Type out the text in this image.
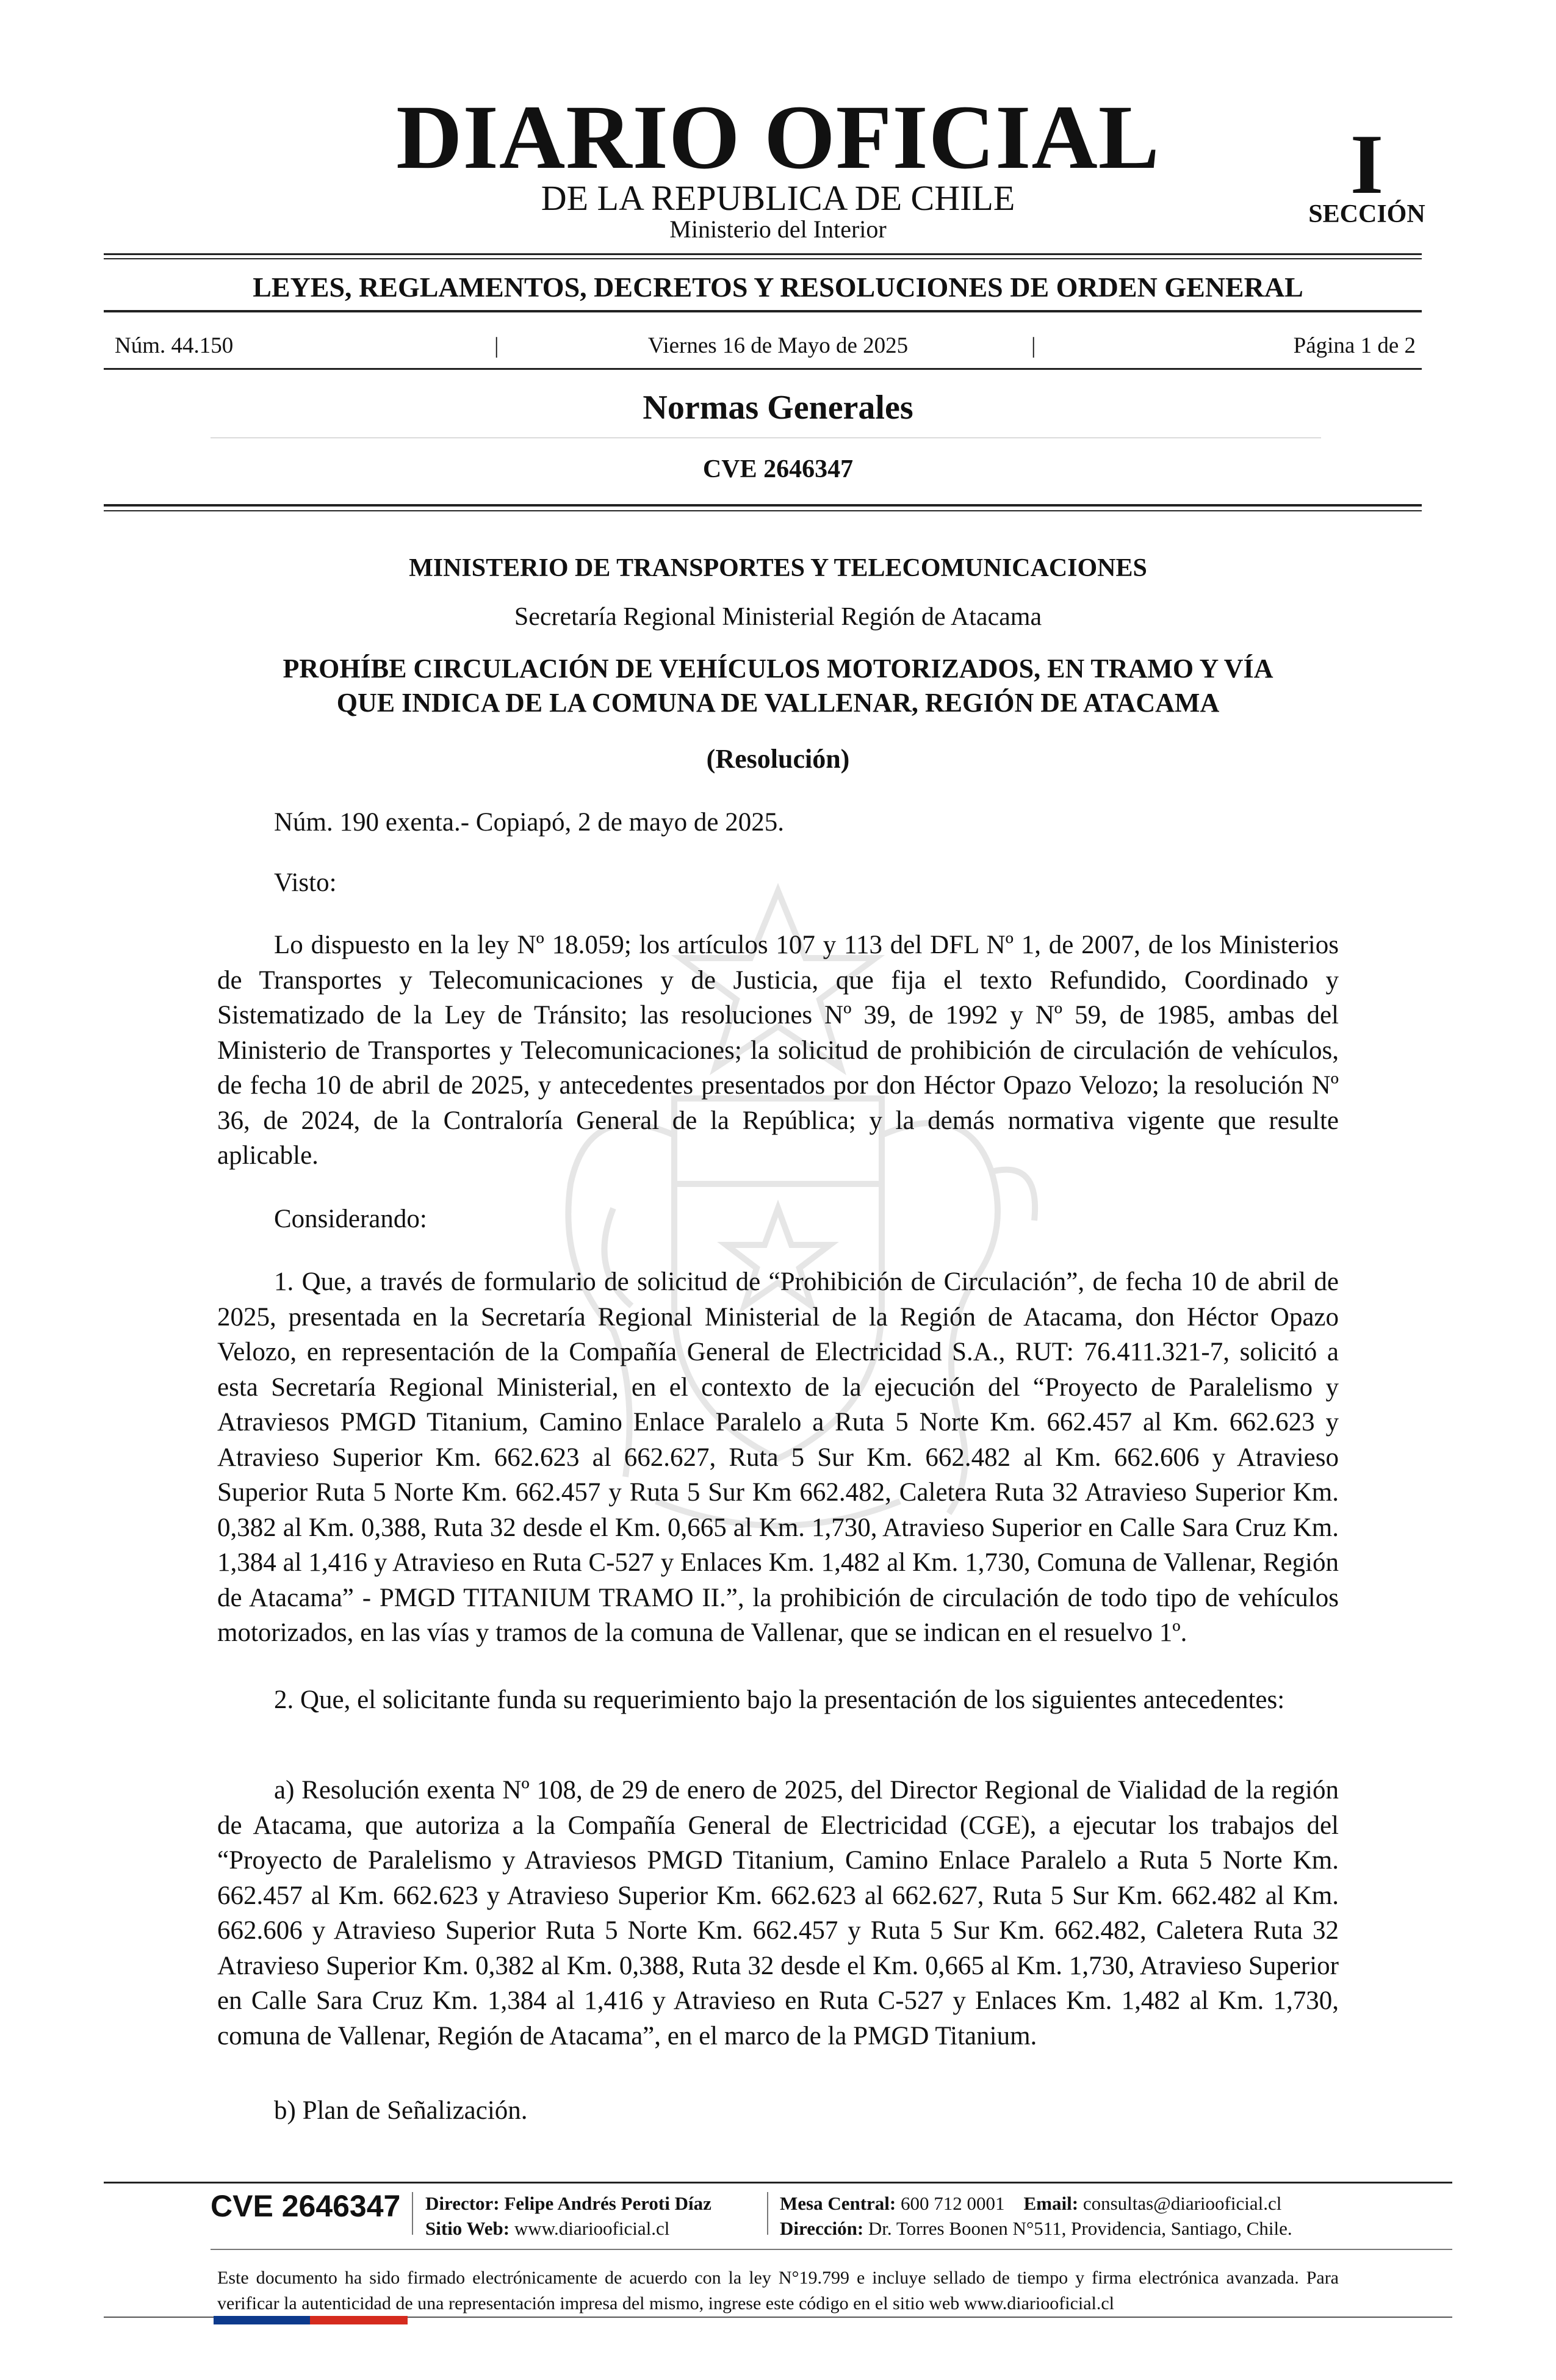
DIARIO OFICIAL
DE LA REPUBLICA DE CHILE
Ministerio del Interior
I
SECCIÓN
LEYES, REGLAMENTOS, DECRETOS Y RESOLUCIONES DE ORDEN GENERAL
Núm. 44.150	|	Viernes 16 de Mayo de 2025	|	Página 1 de 2
Normas Generales
CVE 2646347
MINISTERIO DE TRANSPORTES Y TELECOMUNICACIONES
Secretaría Regional Ministerial Región de Atacama
PROHÍBE CIRCULACIÓN DE VEHÍCULOS MOTORIZADOS, EN TRAMO Y VÍA
QUE INDICA DE LA COMUNA DE VALLENAR, REGIÓN DE ATACAMA
(Resolución)
Núm. 190 exenta.- Copiapó, 2 de mayo de 2025.
Visto:
Lo dispuesto en la ley Nº 18.059; los artículos 107 y 113 del DFL Nº 1, de 2007, de los Ministerios de Transportes y Telecomunicaciones y de Justicia, que fija el texto Refundido, Coordinado y Sistematizado de la Ley de Tránsito; las resoluciones Nº 39, de 1992 y Nº 59, de 1985, ambas del Ministerio de Transportes y Telecomunicaciones; la solicitud de prohibición de circulación de vehículos, de fecha 10 de abril de 2025, y antecedentes presentados por don Héctor Opazo Velozo; la resolución Nº 36, de 2024, de la Contraloría General de la República; y la demás normativa vigente que resulte aplicable.
Considerando:
1. Que, a través de formulario de solicitud de “Prohibición de Circulación”, de fecha 10 de abril de 2025, presentada en la Secretaría Regional Ministerial de la Región de Atacama, don Héctor Opazo Velozo, en representación de la Compañía General de Electricidad S.A., RUT: 76.411.321-7, solicitó a esta Secretaría Regional Ministerial, en el contexto de la ejecución del “Proyecto de Paralelismo y Atraviesos PMGD Titanium, Camino Enlace Paralelo a Ruta 5 Norte Km. 662.457 al Km. 662.623 y Atravieso Superior Km. 662.623 al 662.627, Ruta 5 Sur Km. 662.482 al Km. 662.606 y Atravieso Superior Ruta 5 Norte Km. 662.457 y Ruta 5 Sur Km 662.482, Caletera Ruta 32 Atravieso Superior Km. 0,382 al Km. 0,388, Ruta 32 desde el Km. 0,665 al Km. 1,730, Atravieso Superior en Calle Sara Cruz Km. 1,384 al 1,416 y Atravieso en Ruta C-527 y Enlaces Km. 1,482 al Km. 1,730, Comuna de Vallenar, Región de Atacama” - PMGD TITANIUM TRAMO II.”, la prohibición de circulación de todo tipo de vehículos motorizados, en las vías y tramos de la comuna de Vallenar, que se indican en el resuelvo 1º.
2. Que, el solicitante funda su requerimiento bajo la presentación de los siguientes antecedentes:
a) Resolución exenta Nº 108, de 29 de enero de 2025, del Director Regional de Vialidad de la región de Atacama, que autoriza a la Compañía General de Electricidad (CGE), a ejecutar los trabajos del “Proyecto de Paralelismo y Atraviesos PMGD Titanium, Camino Enlace Paralelo a Ruta 5 Norte Km. 662.457 al Km. 662.623 y Atravieso Superior Km. 662.623 al 662.627, Ruta 5 Sur Km. 662.482 al Km. 662.606 y Atravieso Superior Ruta 5 Norte Km. 662.457 y Ruta 5 Sur Km. 662.482, Caletera Ruta 32 Atravieso Superior Km. 0,382 al Km. 0,388, Ruta 32 desde el Km. 0,665 al Km. 1,730, Atravieso Superior en Calle Sara Cruz Km. 1,384 al 1,416 y Atravieso en Ruta C-527 y Enlaces Km. 1,482 al Km. 1,730, comuna de Vallenar, Región de Atacama”, en el marco de la PMGD Titanium.
b) Plan de Señalización.
CVE 2646347 Director: Felipe Andrés Peroti Díaz
Sitio Web: www.diariooficial.cl
Mesa Central: 600 712 0001 Email: consultas@diariooficial.cl
Dirección: Dr. Torres Boonen N°511, Providencia, Santiago, Chile.
Este documento ha sido firmado electrónicamente de acuerdo con la ley N°19.799 e incluye sellado de tiempo y firma electrónica avanzada. Para verificar la autenticidad de una representación impresa del mismo, ingrese este código en el sitio web www.diariooficial.cl
